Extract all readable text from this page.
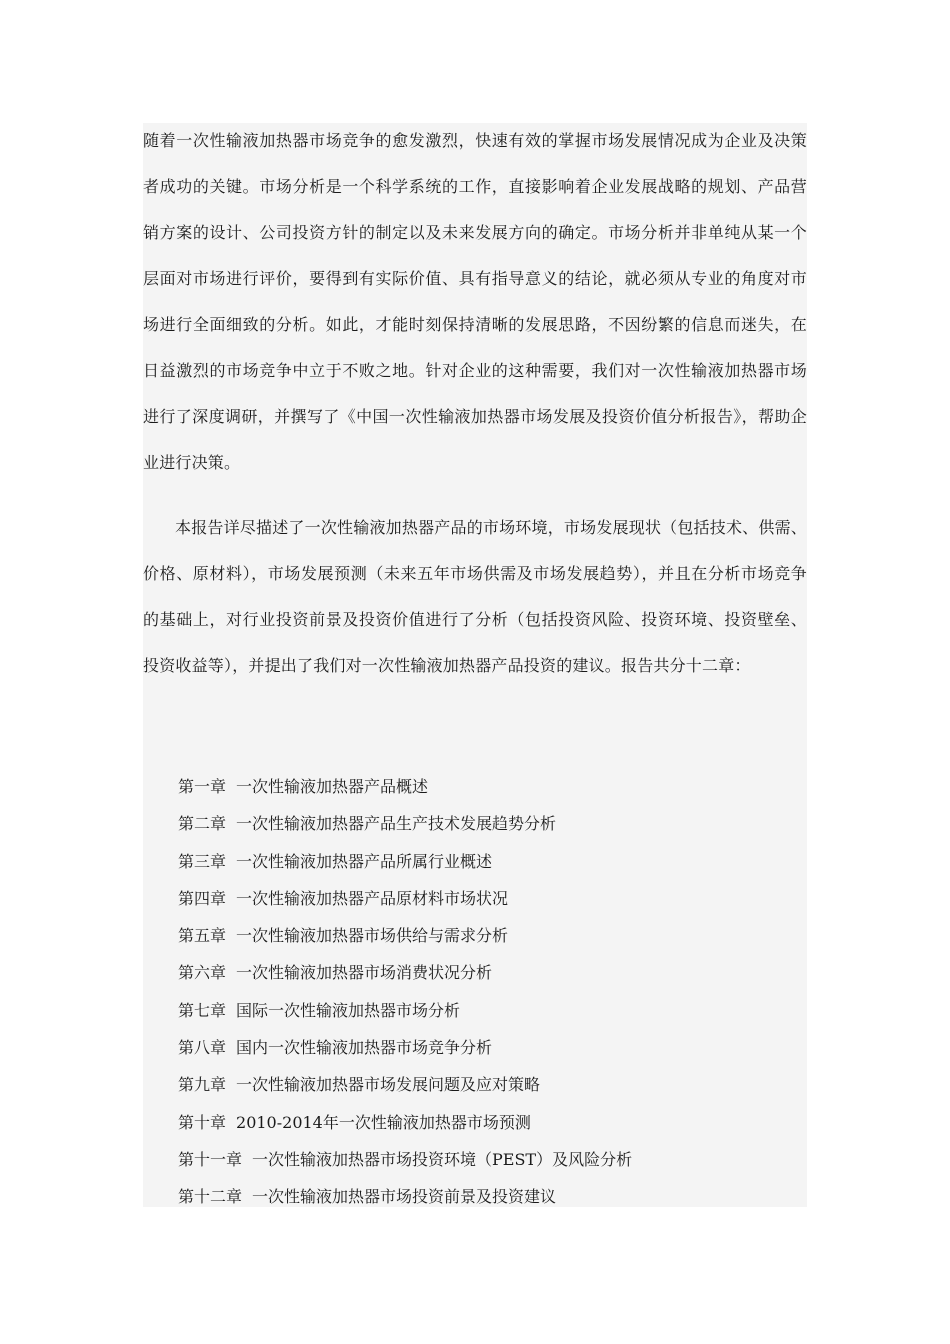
随着一次性输液加热器市场竞争的愈发激烈，快速有效的掌握市场发展情况成为企业及决策者成功的关键。市场分析是一个科学系统的工作，直接影响着企业发展战略的规划、产品营销方案的设计、公司投资方针的制定以及未来发展方向的确定。市场分析并非单纯从某一个层面对市场进行评价，要得到有实际价值、具有指导意义的结论，就必须从专业的角度对市场进行全面细致的分析。如此，才能时刻保持清晰的发展思路，不因纷繁的信息而迷失，在日益激烈的市场竞争中立于不败之地。针对企业的这种需要，我们对一次性输液加热器市场进行了深度调研，并撰写了《中国一次性输液加热器市场发展及投资价值分析报告》，帮助企业进行决策。

本报告详尽描述了一次性输液加热器产品的市场环境，市场发展现状（包括技术、供需、价格、原材料），市场发展预测（未来五年市场供需及市场发展趋势），并且在分析市场竞争的基础上，对行业投资前景及投资价值进行了分析（包括投资风险、投资环境、投资壁垒、投资收益等），并提出了我们对一次性输液加热器产品投资的建议。报告共分十二章：

第一章 一次性输液加热器产品概述
第二章 一次性输液加热器产品生产技术发展趋势分析
第三章 一次性输液加热器产品所属行业概述
第四章 一次性输液加热器产品原材料市场状况
第五章 一次性输液加热器市场供给与需求分析
第六章 一次性输液加热器市场消费状况分析
第七章 国际一次性输液加热器市场分析
第八章 国内一次性输液加热器市场竞争分析
第九章 一次性输液加热器市场发展问题及应对策略
第十章 2010-2014年一次性输液加热器市场预测
第十一章 一次性输液加热器市场投资环境（PEST）及风险分析
第十二章 一次性输液加热器市场投资前景及投资建议
